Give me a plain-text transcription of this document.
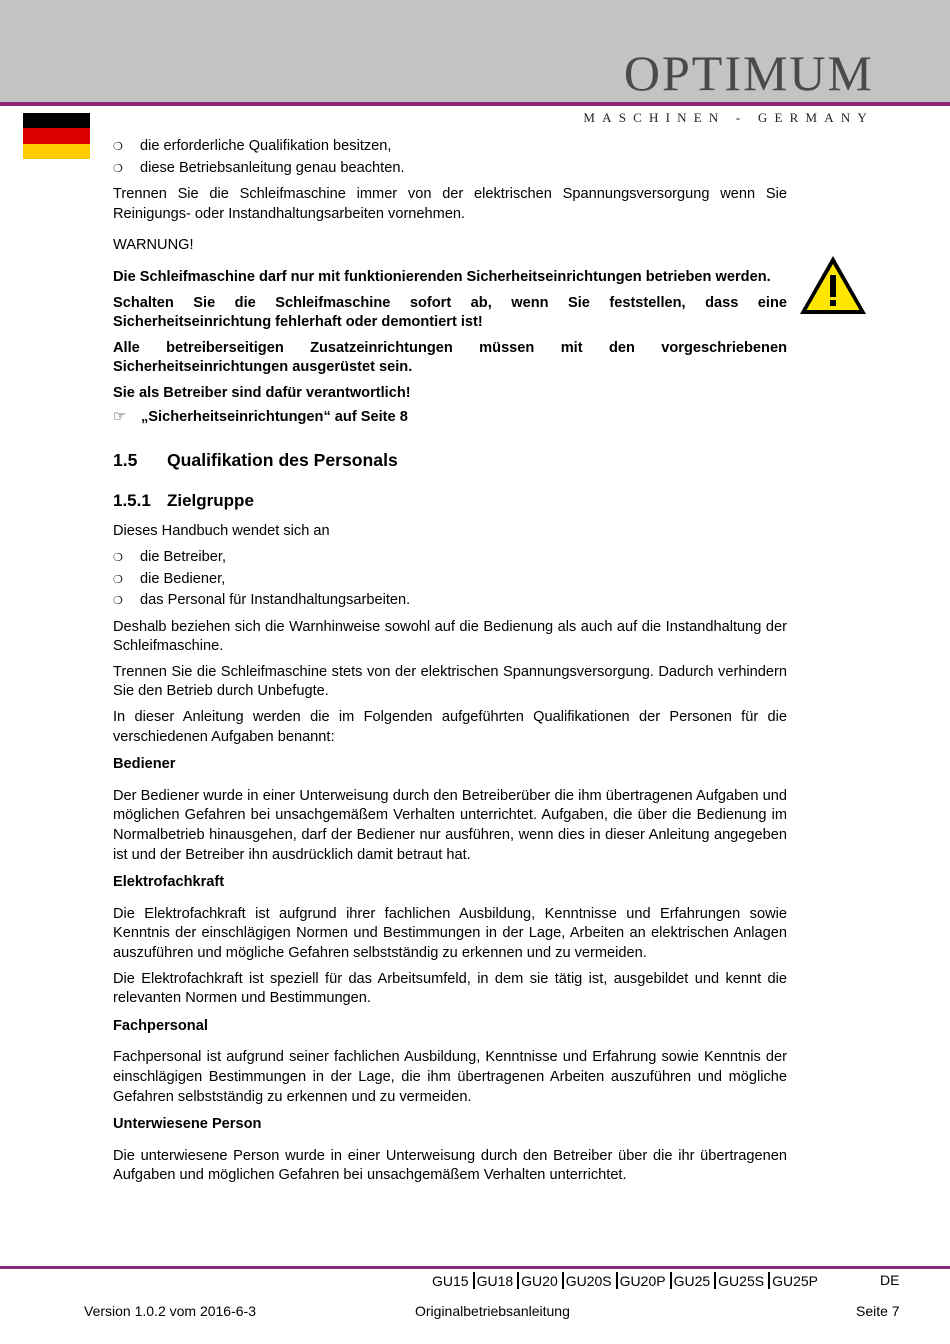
OPTIMUM
MASCHINEN - GERMANY
❍	die erforderliche Qualifikation besitzen,
❍	diese Betriebsanleitung genau beachten.

Trennen Sie die Schleifmaschine immer von der elektrischen Spannungsversorgung wenn Sie Reinigungs- oder Instandhaltungsarbeiten vornehmen.

WARNUNG!

Die Schleifmaschine darf nur mit funktionierenden Sicherheitseinrichtungen betrieben werden.

Schalten Sie die Schleifmaschine sofort ab, wenn Sie feststellen, dass eine Sicherheitseinrichtung fehlerhaft oder demontiert ist!

Alle betreiberseitigen Zusatzeinrichtungen müssen mit den vorgeschriebenen Sicherheitseinrichtungen ausgerüstet sein.

Sie als Betreiber sind dafür verantwortlich!

☞	„Sicherheitseinrichtungen“ auf Seite 8
1.5	Qualifikation des Personals
1.5.1 Zielgruppe

Dieses Handbuch wendet sich an

❍	die Betreiber,
❍	die Bediener,
❍	das Personal für Instandhaltungsarbeiten.

Deshalb beziehen sich die Warnhinweise sowohl auf die Bedienung als auch auf die Instandhaltung der Schleifmaschine.

Trennen Sie die Schleifmaschine stets von der elektrischen Spannungsversorgung. Dadurch verhindern Sie den Betrieb durch Unbefugte.

In dieser Anleitung werden die im Folgenden aufgeführten Qualifikationen der Personen für die verschiedenen Aufgaben benannt:

Bediener

Der Bediener wurde in einer Unterweisung durch den Betreiberüber die ihm übertragenen Aufgaben und möglichen Gefahren bei unsachgemäßem Verhalten unterrichtet. Aufgaben, die über die Bedienung im Normalbetrieb hinausgehen, darf der Bediener nur ausführen, wenn dies in dieser Anleitung angegeben ist und der Betreiber ihn ausdrücklich damit betraut hat.

Elektrofachkraft

Die Elektrofachkraft ist aufgrund ihrer fachlichen Ausbildung, Kenntnisse und Erfahrungen sowie Kenntnis der einschlägigen Normen und Bestimmungen in der Lage, Arbeiten an elektrischen Anlagen auszuführen und mögliche Gefahren selbstständig zu erkennen und zu vermeiden.

Die Elektrofachkraft ist speziell für das Arbeitsumfeld, in dem sie tätig ist, ausgebildet und kennt die relevanten Normen und Bestimmungen.

Fachpersonal

Fachpersonal ist aufgrund seiner fachlichen Ausbildung, Kenntnisse und Erfahrung sowie Kenntnis der einschlägigen Bestimmungen in der Lage, die ihm übertragenen Arbeiten auszuführen und mögliche Gefahren selbstständig zu erkennen und zu vermeiden.

Unterwiesene Person

Die unterwiesene Person wurde in einer Unterweisung durch den Betreiber über die ihr übertragenen Aufgaben und möglichen Gefahren bei unsachgemäßem Verhalten unterrichtet.

GU15 GU18 GU20 GU20S GU20P GU25 GU25S GU25P	DE
Version 1.0.2 vom 2016-6-3	Originalbetriebsanleitung	Seite 7
